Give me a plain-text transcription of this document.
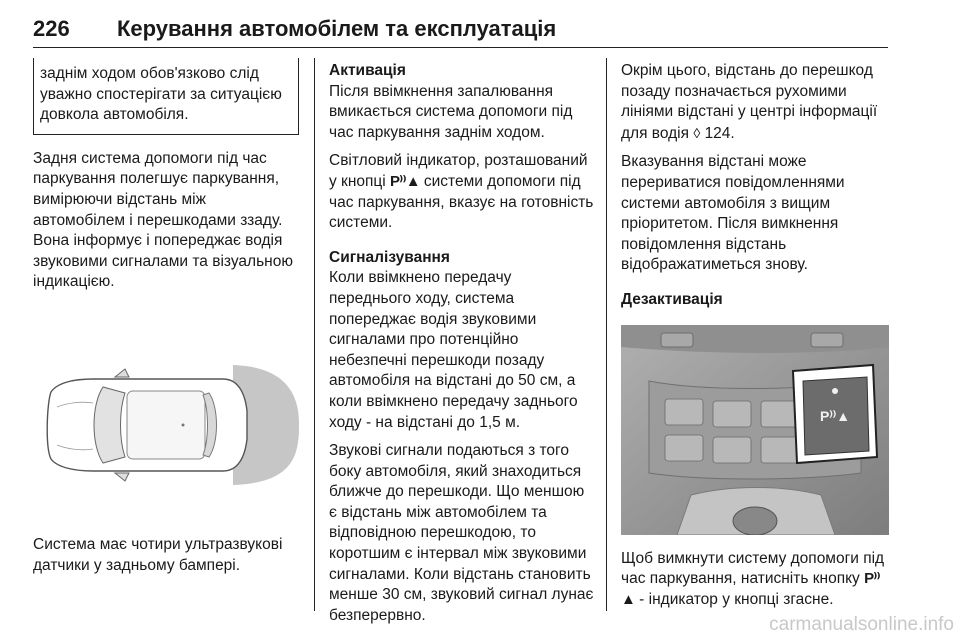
226 Керування автомобілем та експлуатація

заднім ходом обов'язково слід уважно спостерігати за ситуацією довкола автомобіля.

Задня система допомоги під час паркування полегшує паркування, вимірюючи відстань між автомобілем і перешкодами ззаду. Вона інформує і попереджає водія звуковими сигналами та візуальною індикацією.

Система має чотири ультразвукові датчики у задньому бампері.

Активація

Після ввімкнення запалювання вмикається система допомоги під час паркування заднім ходом.

Світловий індикатор, розташований у кнопці P⁾⁾▲ системи допомоги під час паркування, вказує на готовність системи.

Сигналізування

Коли ввімкнено передачу переднього ходу, система попереджає водія звуковими сигналами про потенційно небезпечні перешкоди позаду автомобіля на відстані до 50 см, а коли ввімкнено передачу заднього ходу - на відстані до 1,5 м.

Звукові сигнали подаються з того боку автомобіля, який знаходиться ближче до перешкоди. Що меншою є відстань між автомобілем та відповідною перешкодою, то коротшим є інтервал між звуковими сигналами. Коли відстань становить менше 30 см, звуковий сигнал лунає безперервно.

Окрім цього, відстань до перешкод позаду позначається рухомими лініями відстані у центрі інформації для водія ◊ 124.

Вказування відстані може перериватися повідомленнями системи автомобіля з вищим пріоритетом. Після вимкнення повідомлення відстань відображатиметься знову.

Дезактивація
P⁾⁾▲

Щоб вимкнути систему допомоги під час паркування, натисніть кнопку P⁾⁾▲ - індикатор у кнопці згасне.

carmanualsonline.info
